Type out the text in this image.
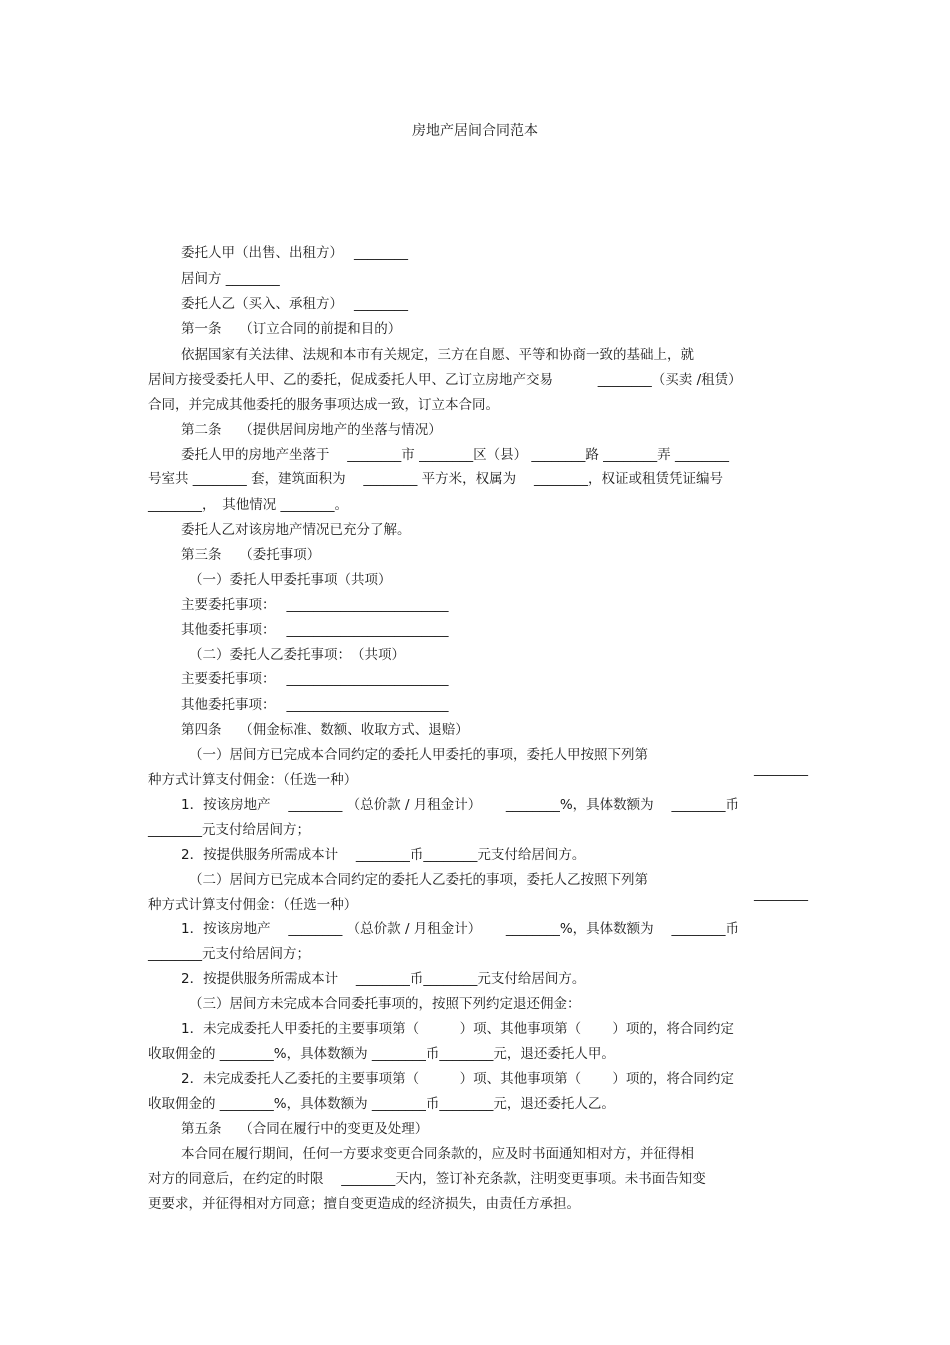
房地产居间合同范本
委托人甲（出售、出租方）　 ________
居间方 ________
委托人乙（买入、承租方）　 ________
第一条　 （订立合同的前提和目的）
依据国家有关法律、法规和本市有关规定，三方在自愿、平等和协商一致的基础上，就
居间方接受委托人甲、乙的委托，促成委托人甲、乙订立房地产交易　　　 ________（买卖 /租赁）
合同，并完成其他委托的服务事项达成一致，订立本合同。
第二条　 （提供居间房地产的坐落与情况）
委托人甲的房地产坐落于　 ________市 ________区（县） ________路 ________弄 ________
号室共 ________ 套，建筑面积为　 ________ 平方米，权属为　 ________，权证或租赁凭证编号
________，　其他情况 ________。
委托人乙对该房地产情况已充分了解。
第三条　 （委托事项）
（一）委托人甲委托事项（共项）
主要委托事项：　 ________________________
其他委托事项：　 ________________________
（二）委托人乙委托事项：　（共项）
主要委托事项：　 ________________________
其他委托事项：　 ________________________
第四条　 （佣金标准、数额、收取方式、退赔）
（一）居间方已完成本合同约定的委托人甲委托的事项，委托人甲按照下列第
________
种方式计算支付佣金：（任选一种）
1．按该房地产　 ________ （总价款 / 月租金计）　　 ________%，具体数额为　 ________币
________元支付给居间方；
2．按提供服务所需成本计　 ________币________元支付给居间方。
（二）居间方已完成本合同约定的委托人乙委托的事项，委托人乙按照下列第
________
种方式计算支付佣金：（任选一种）
1．按该房地产　 ________ （总价款 / 月租金计）　　 ________%，具体数额为　 ________币
________元支付给居间方；
2．按提供服务所需成本计　 ________币________元支付给居间方。
（三）居间方未完成本合同委托事项的，按照下列约定退还佣金：
1．未完成委托人甲委托的主要事项第（　　　）项、其他事项第（　　 ）项的，将合同约定
收取佣金的 ________%，具体数额为 ________币________元，退还委托人甲。
2．未完成委托人乙委托的主要事项第（　　　）项、其他事项第（　　 ）项的，将合同约定
收取佣金的 ________%，具体数额为 ________币________元，退还委托人乙。
第五条　 （合同在履行中的变更及处理）
本合同在履行期间，任何一方要求变更合同条款的，应及时书面通知相对方，并征得相
对方的同意后，在约定的时限　 ________天内，签订补充条款，注明变更事项。未书面告知变
更要求，并征得相对方同意；擅自变更造成的经济损失，由责任方承担。
